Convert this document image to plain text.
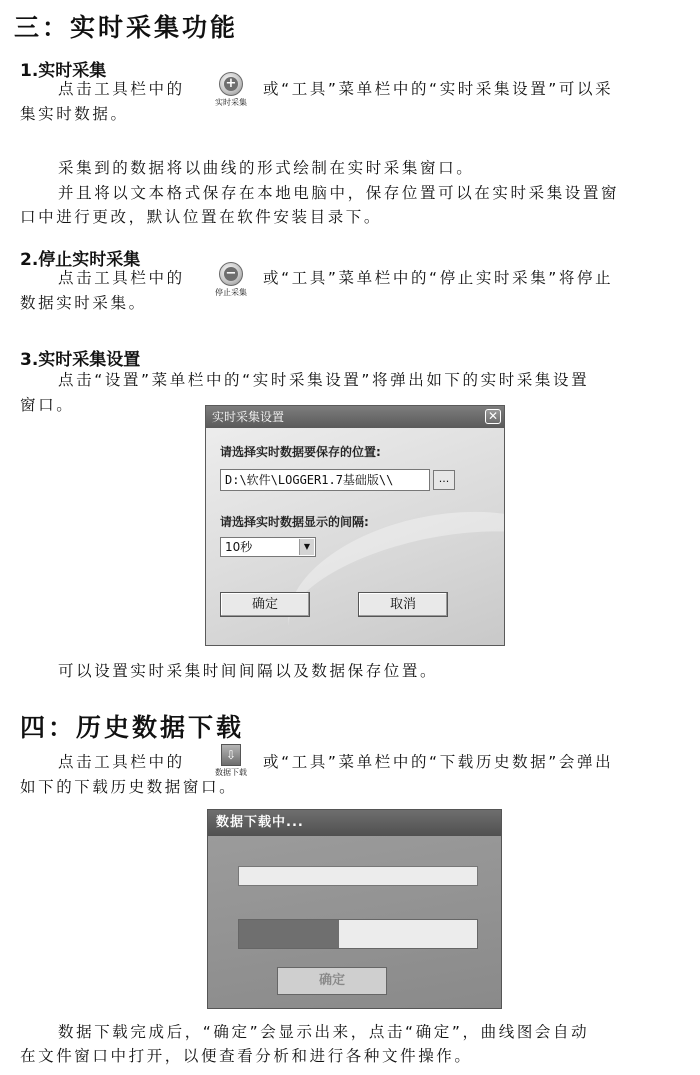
三：实时采集功能
1.实时采集
点击工具栏中的	+
实时采集
或“工具”菜单栏中的“实时采集设置”可以采
集实时数据。
采集到的数据将以曲线的形式绘制在实时采集窗口。
并且将以文本格式保存在本地电脑中，保存位置可以在实时采集设置窗
口中进行更改，默认位置在软件安装目录下。
2.停止实时采集
点击工具栏中的	−
停止采集
或“工具”菜单栏中的“停止实时采集”将停止
数据实时采集。
3.实时采集设置
点击“设置”菜单栏中的“实时采集设置”将弹出如下的实时采集设置
窗口。
实时采集设置	✕
请选择实时数据要保存的位置:
D:\软件\LOGGER1.7基础版\\	...
请选择实时数据显示的间隔:
10秒	▼
确定	取消
可以设置实时采集时间间隔以及数据保存位置。
四：历史数据下载
点击工具栏中的	⇩
数据下载
或“工具”菜单栏中的“下载历史数据”会弹出
如下的下载历史数据窗口。
数据下载中...
确定
数据下载完成后，“确定”会显示出来，点击“确定”，曲线图会自动
在文件窗口中打开，以便查看分析和进行各种文件操作。
